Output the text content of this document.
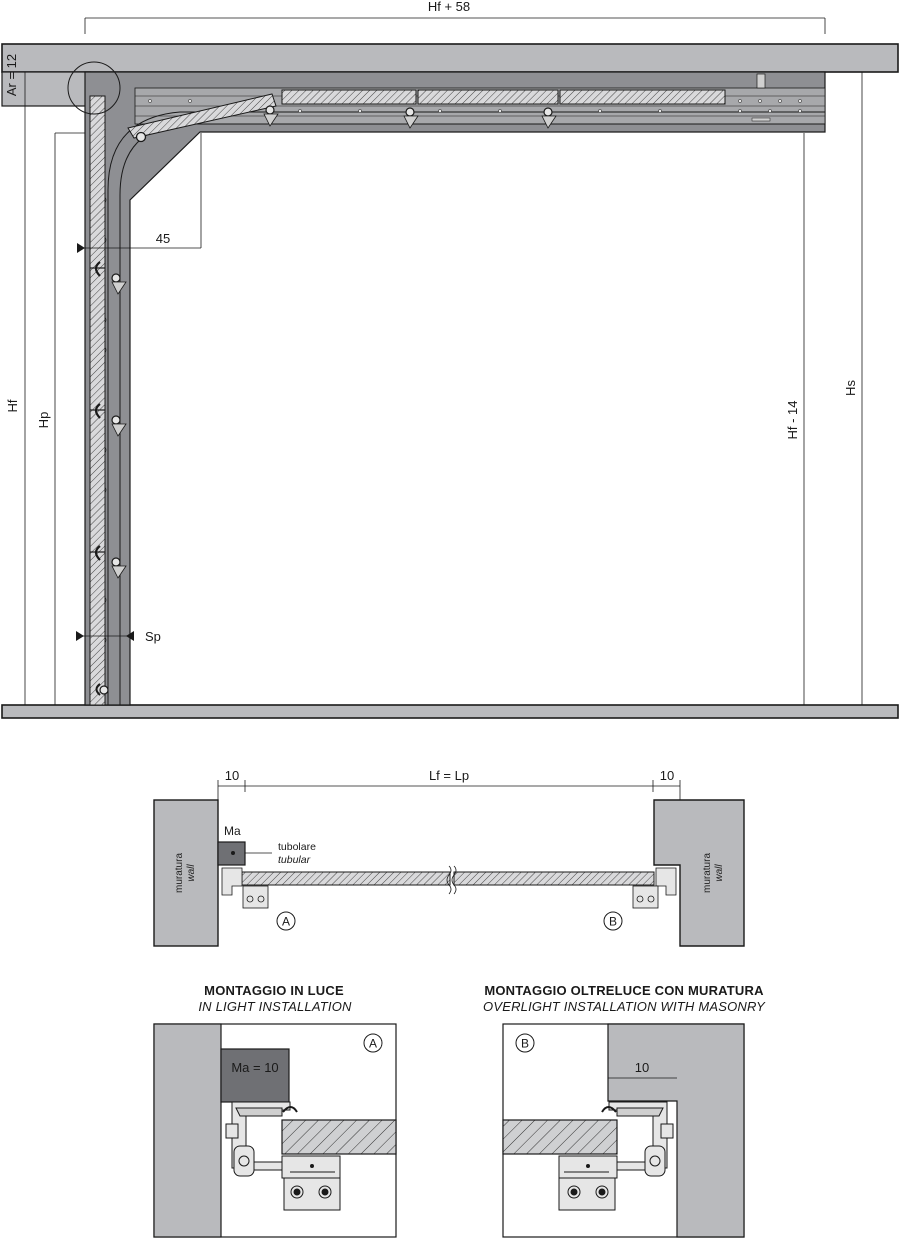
Hf + 58
Ar = 12
Hf
Hp	Hf - 14
Hs
45
Sp
10	Lf = Lp	10
muratura wall	muratura wall
Ma
tubolare
tubular
A	B
MONTAGGIO IN LUCE
IN LIGHT INSTALLATION
Ma = 10
A
MONTAGGIO OLTRELUCE CON MURATURA
OVERLIGHT INSTALLATION WITH MASONRY
10
B
